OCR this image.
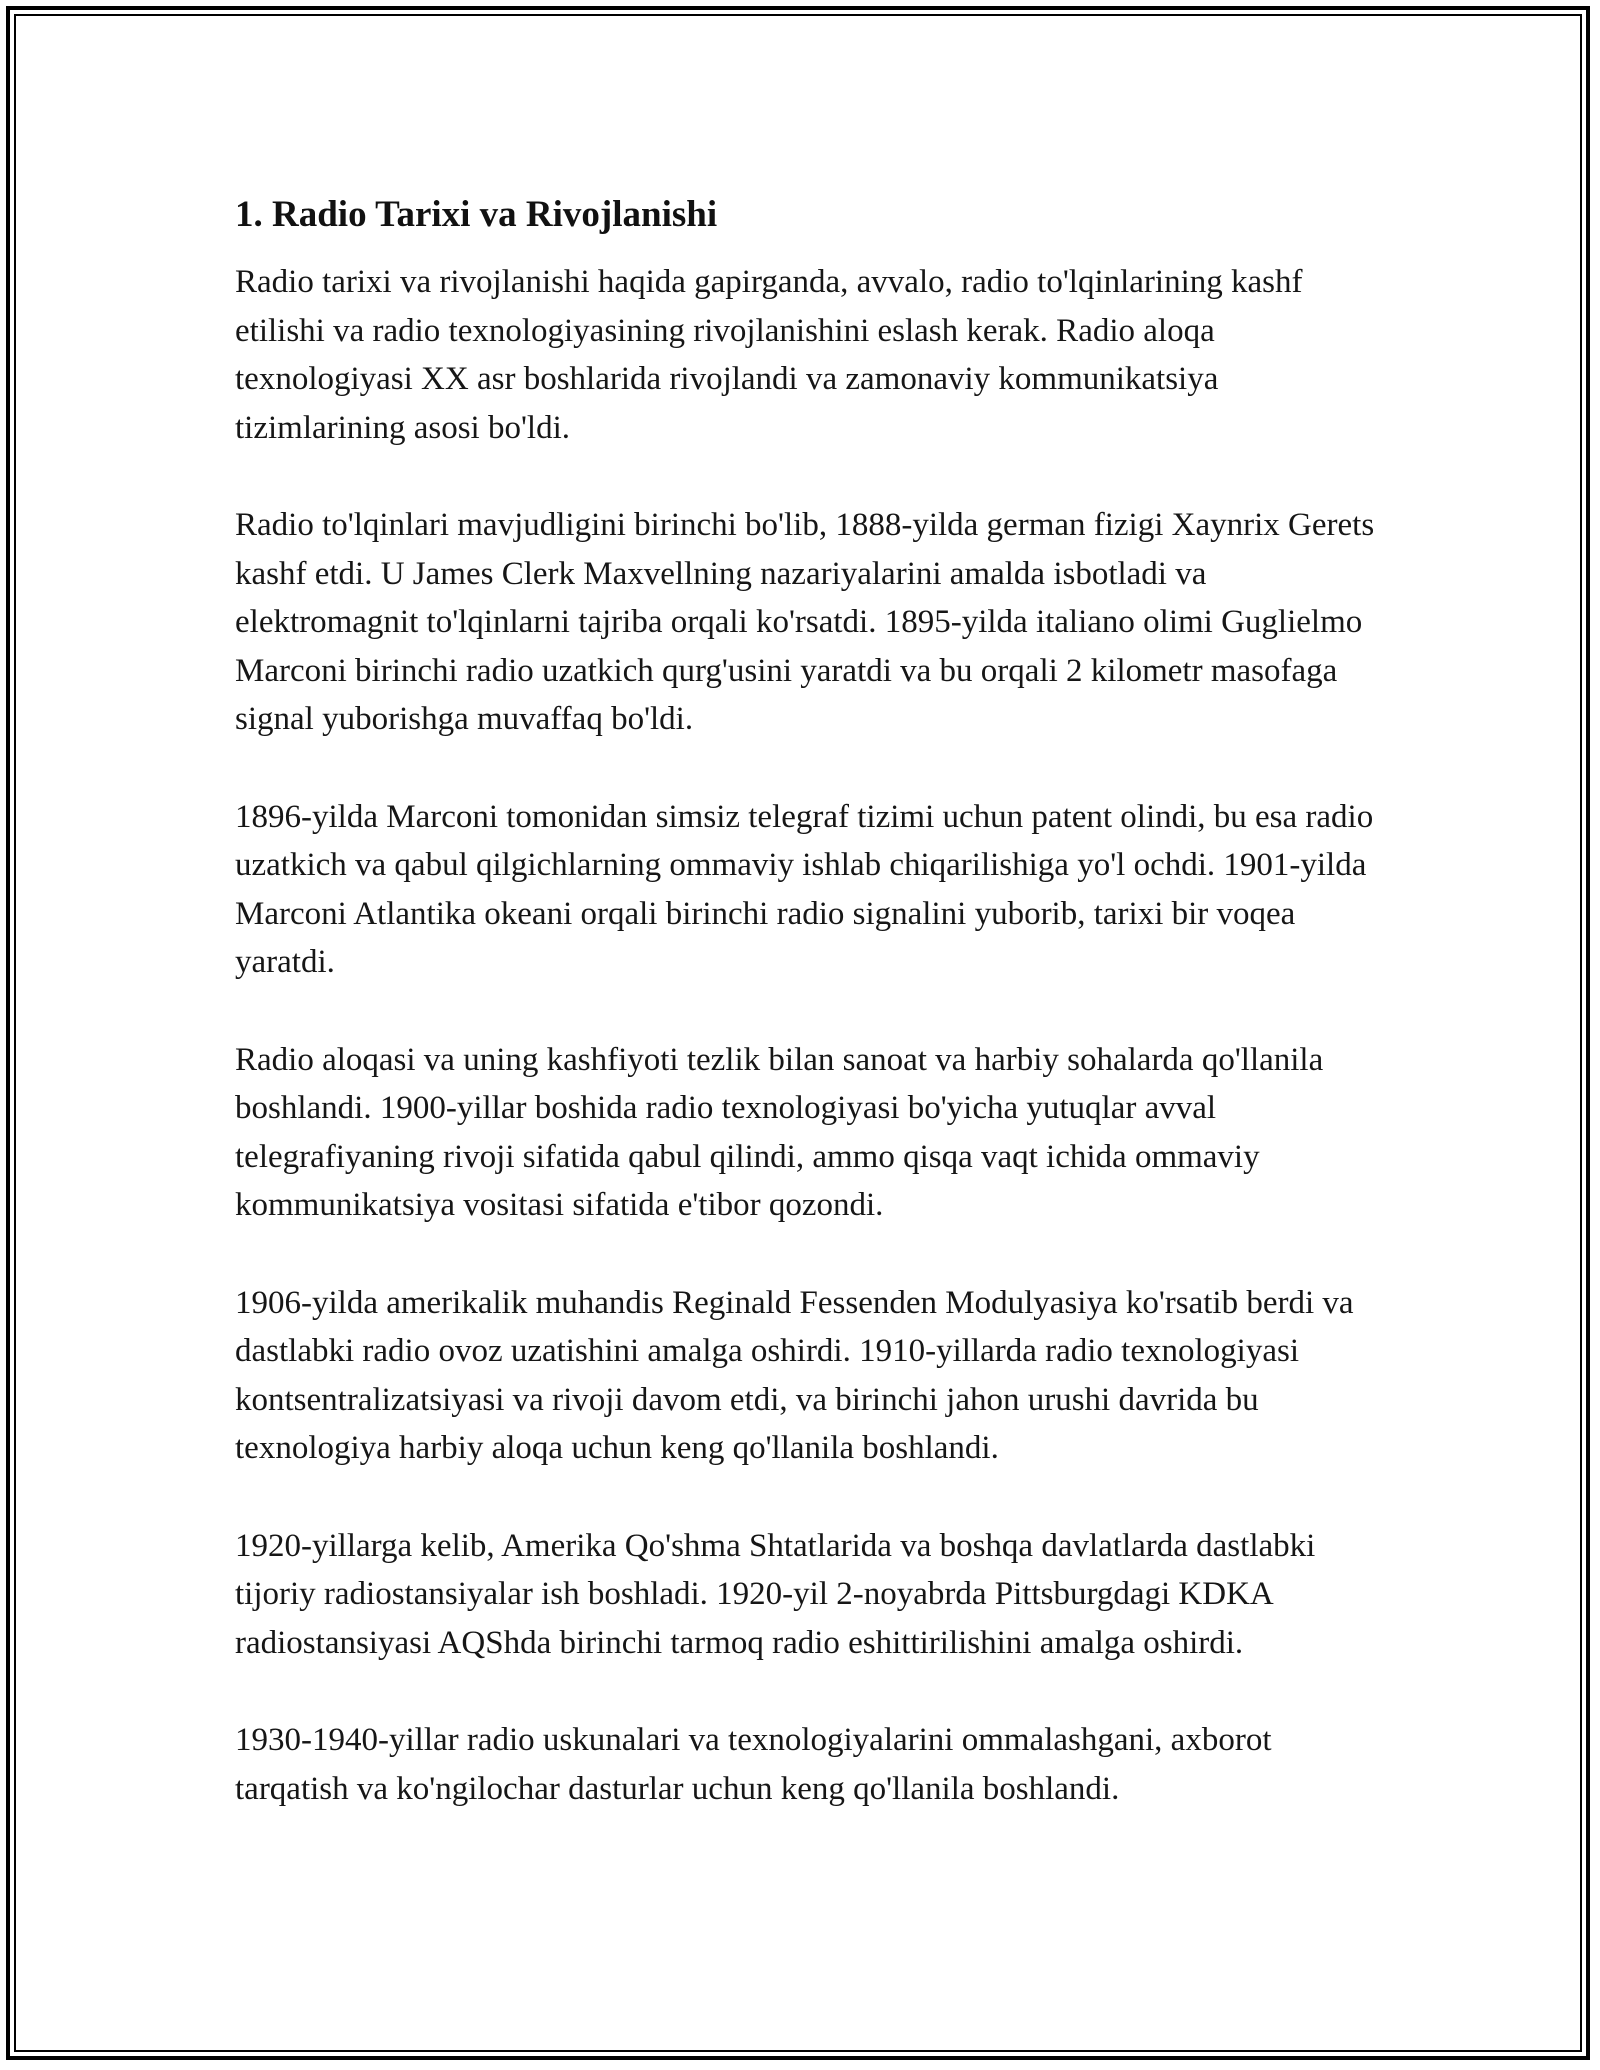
1. Radio Tarixi va Rivojlanishi

Radio tarixi va rivojlanishi haqida gapirganda, avvalo, radio to'lqinlarining kashf etilishi va radio texnologiyasining rivojlanishini eslash kerak. Radio aloqa texnologiyasi XX asr boshlarida rivojlandi va zamonaviy kommunikatsiya tizimlarining asosi bo'ldi.

Radio to'lqinlari mavjudligini birinchi bo'lib, 1888-yilda german fizigi Xaynrix Gerets kashf etdi. U James Clerk Maxvellning nazariyalarini amalda isbotladi va elektromagnit to'lqinlarni tajriba orqali ko'rsatdi. 1895-yilda italiano olimi Guglielmo Marconi birinchi radio uzatkich qurg'usini yaratdi va bu orqali 2 kilometr masofaga signal yuborishga muvaffaq bo'ldi.

1896-yilda Marconi tomonidan simsiz telegraf tizimi uchun patent olindi, bu esa radio uzatkich va qabul qilgichlarning ommaviy ishlab chiqarilishiga yo'l ochdi. 1901-yilda Marconi Atlantika okeani orqali birinchi radio signalini yuborib, tarixi bir voqea yaratdi.

Radio aloqasi va uning kashfiyoti tezlik bilan sanoat va harbiy sohalarda qo'llanila boshlandi. 1900-yillar boshida radio texnologiyasi bo'yicha yutuqlar avval telegrafiyaning rivoji sifatida qabul qilindi, ammo qisqa vaqt ichida ommaviy kommunikatsiya vositasi sifatida e'tibor qozondi.

1906-yilda amerikalik muhandis Reginald Fessenden Modulyasiya ko'rsatib berdi va dastlabki radio ovoz uzatishini amalga oshirdi. 1910-yillarda radio texnologiyasi kontsentralizatsiyasi va rivoji davom etdi, va birinchi jahon urushi davrida bu texnologiya harbiy aloqa uchun keng qo'llanila boshlandi.

1920-yillarga kelib, Amerika Qo'shma Shtatlarida va boshqa davlatlarda dastlabki tijoriy radiostansiyalar ish boshladi. 1920-yil 2-noyabrda Pittsburgdagi KDKA radiostansiyasi AQShda birinchi tarmoq radio eshittirilishini amalga oshirdi.

1930-1940-yillar radio uskunalari va texnologiyalarini ommalashgani, axborot tarqatish va ko'ngilochar dasturlar uchun keng qo'llanila boshlandi.
